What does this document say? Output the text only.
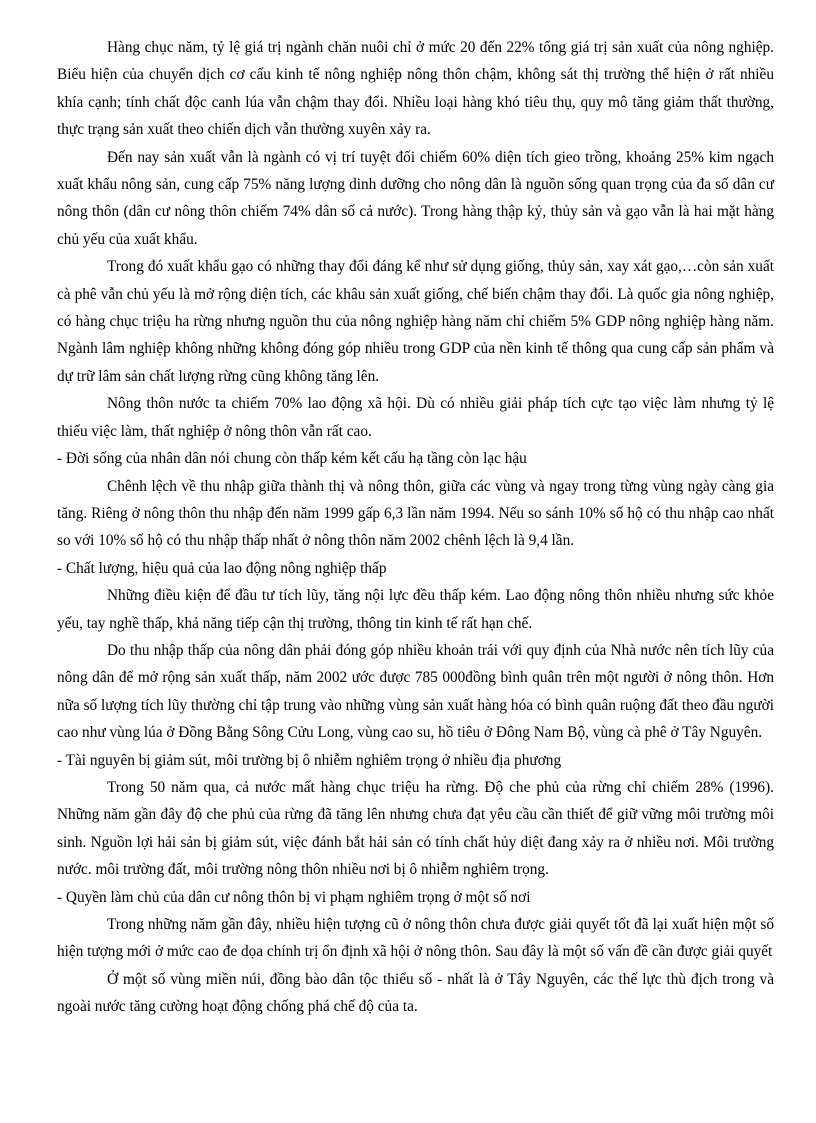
Hàng chục năm, tỷ lệ giá trị ngành chăn nuôi chỉ ở mức 20 đến 22% tổng giá trị sản xuất của nông nghiệp. Biểu hiện của chuyển dịch cơ cấu kinh tế nông nghiệp nông thôn chậm, không sát thị trường thể hiện ở rất nhiều khía cạnh; tính chất độc canh lúa vẫn chậm thay đổi. Nhiều loại hàng khó tiêu thụ, quy mô tăng giảm thất thường, thực trạng sản xuất theo chiến dịch vẫn thường xuyên xảy ra.

Đến nay sản xuất vẫn là ngành có vị trí tuyệt đối chiếm 60% diện tích gieo trồng, khoảng 25% kim ngạch xuất khẩu nông sản, cung cấp 75% năng lượng dinh dưỡng cho nông dân là nguồn sống quan trọng của đa số dân cư nông thôn (dân cư nông thôn chiếm 74% dân số cả nước). Trong hàng thập kỷ, thủy sản và gạo vẫn là hai mặt hàng chủ yếu của xuất khẩu.

Trong đó xuất khẩu gạo có những thay đổi đáng kể như sử dụng giống, thủy sản, xay xát gạo,…còn sản xuất cà phê vẫn chủ yếu là mở rộng diện tích, các khâu sản xuất giống, chế biến chậm thay đổi. Là quốc gia nông nghiệp, có hàng chục triệu ha rừng nhưng nguồn thu của nông nghiệp hàng năm chỉ chiếm 5% GDP nông nghiệp hàng năm. Ngành lâm nghiệp không những không đóng góp nhiều trong GDP của nền kinh tế thông qua cung cấp sản phẩm và dự trữ lâm sản chất lượng rừng cũng không tăng lên.

Nông thôn nước ta chiếm 70% lao động xã hội. Dù có nhiều giải pháp tích cực tạo việc làm nhưng tỷ lệ thiếu việc làm, thất nghiệp ở nông thôn vẫn rất cao.

- Đời sống của nhân dân nói chung còn thấp kém kết cấu hạ tầng còn lạc hậu

Chênh lệch về thu nhập giữa thành thị và nông thôn, giữa các vùng và ngay trong từng vùng ngày càng gia tăng. Riêng ở nông thôn thu nhập đến năm 1999 gấp 6,3 lần năm 1994. Nếu so sánh 10% số hộ có thu nhập cao nhất so với 10% số hộ có thu nhập thấp nhất ở nông thôn năm 2002 chênh lệch là 9,4 lần.

- Chất lượng, hiệu quả của lao động nông nghiệp thấp

Những điều kiện để đầu tư tích lũy, tăng nội lực đều thấp kém. Lao động nông thôn nhiều nhưng sức khỏe yếu, tay nghề thấp, khả năng tiếp cận thị trường, thông tin kinh tế rất hạn chế.

Do thu nhập thấp của nông dân phải đóng góp nhiều khoản trái với quy định của Nhà nước nên tích lũy của nông dân để mở rộng sản xuất thấp, năm 2002 ước được 785 000đồng bình quân trên một người ở nông thôn. Hơn nữa số lượng tích lũy thường chỉ tập trung vào những vùng sản xuất hàng hóa có bình quân ruộng đất theo đầu người cao như vùng lúa ở Đồng Bằng Sông Cửu Long, vùng cao su, hồ tiêu ở Đông Nam Bộ, vùng cà phê ở Tây Nguyên.

- Tài nguyên bị giảm sút, môi trường bị ô nhiễm nghiêm trọng ở nhiều địa phương

Trong 50 năm qua, cả nước mất hàng chục triệu ha rừng. Độ che phủ của rừng chỉ chiếm 28% (1996). Những năm gần đây độ che phủ của rừng đã tăng lên nhưng chưa đạt yêu cầu cần thiết để giữ vững môi trường môi sinh. Nguồn lợi hải sản bị giảm sút, việc đánh bắt hải sản có tính chất hủy diệt đang xảy ra ở nhiều nơi. Môi trường nước. môi trường đất, môi trường nông thôn nhiều nơi bị ô nhiễm nghiêm trọng.

- Quyền làm chủ của dân cư nông thôn bị vi phạm nghiêm trọng ở một số nơi

Trong những năm gần đây, nhiều hiện tượng cũ ở nông thôn chưa được giải quyết tốt đã lại xuất hiện một số hiện tượng mới ở mức cao đe dọa chính trị ổn định xã hội ở nông thôn. Sau đây là một số vấn đề cần được giải quyết

Ở một số vùng miền núi, đồng bào dân tộc thiểu số - nhất là ở Tây Nguyên, các thế lực thù địch trong và ngoài nước tăng cường hoạt động chống phá chế độ của ta.
